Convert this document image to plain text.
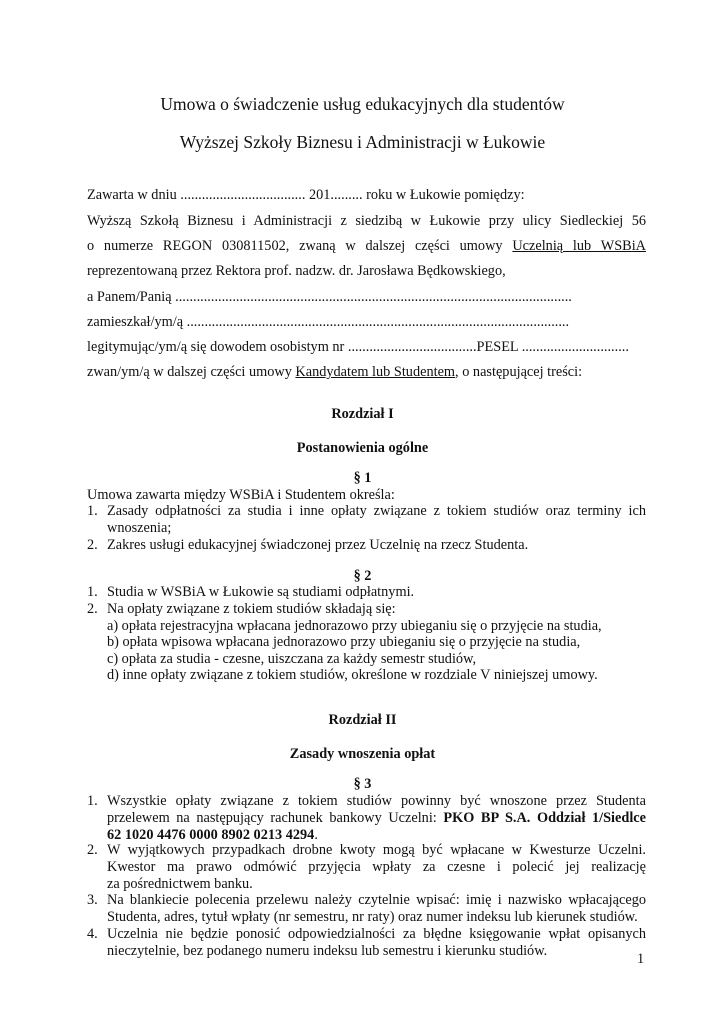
Umowa o świadczenie usług edukacyjnych dla studentów
Wyższej Szkoły Biznesu i Administracji w Łukowie
Zawarta w dniu ................................... 201......... roku w Łukowie pomiędzy:
Wyższą Szkołą Biznesu i Administracji z siedzibą w Łukowie przy ulicy Siedleckiej 56
o numerze REGON 030811502, zwaną w dalszej części umowy Uczelnią lub WSBiA
reprezentowaną przez Rektora prof. nadzw. dr. Jarosława Będkowskiego,
a Panem/Panią ...............................................................................................................
zamieszkał/ym/ą ...........................................................................................................
legitymując/ym/ą się dowodem osobistym nr ....................................PESEL ..............................
zwan/ym/ą w dalszej części umowy Kandydatem lub Studentem, o następującej treści:
Rozdział I
Postanowienia ogólne
§ 1
Umowa zawarta między WSBiA i Studentem określa:
1. Zasady odpłatności za studia i inne opłaty związane z tokiem studiów oraz terminy ich
wnoszenia;
2. Zakres usługi edukacyjnej świadczonej przez Uczelnię na rzecz Studenta.
§ 2
1. Studia w WSBiA w Łukowie są studiami odpłatnymi.
2. Na opłaty związane z tokiem studiów składają się:
a) opłata rejestracyjna wpłacana jednorazowo przy ubieganiu się o przyjęcie na studia,
b) opłata wpisowa wpłacana jednorazowo przy ubieganiu się o przyjęcie na studia,
c) opłata za studia - czesne, uiszczana za każdy semestr studiów,
d) inne opłaty związane z tokiem studiów, określone w rozdziale V niniejszej umowy.
Rozdział II
Zasady wnoszenia opłat
§ 3
1. Wszystkie opłaty związane z tokiem studiów powinny być wnoszone przez Studenta
przelewem na następujący rachunek bankowy Uczelni: PKO BP S.A. Oddział 1/Siedlce
62 1020 4476 0000 8902 0213 4294.
2. W wyjątkowych przypadkach drobne kwoty mogą być wpłacane w Kwesturze Uczelni.
Kwestor ma prawo odmówić przyjęcia wpłaty za czesne i polecić jej realizację
za pośrednictwem banku.
3. Na blankiecie polecenia przelewu należy czytelnie wpisać: imię i nazwisko wpłacającego
Studenta, adres, tytuł wpłaty (nr semestru, nr raty) oraz numer indeksu lub kierunek studiów.
4. Uczelnia nie będzie ponosić odpowiedzialności za błędne księgowanie wpłat opisanych
nieczytelnie, bez podanego numeru indeksu lub semestru i kierunku studiów.	1
